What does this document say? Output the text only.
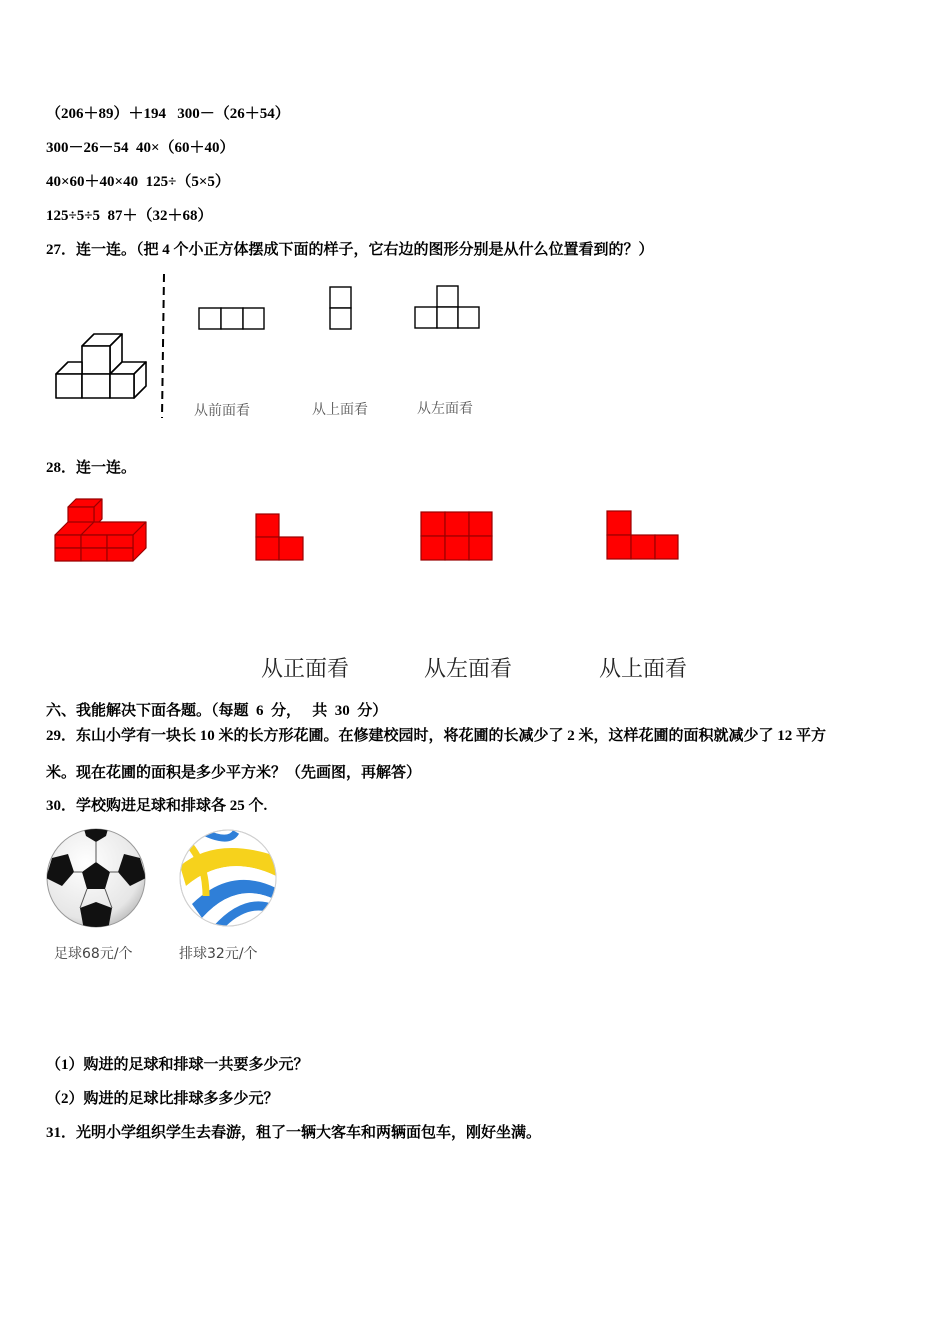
（206＋89）＋194   300－（26＋54）
300－26－54  40×（60＋40）
40×60＋40×40  125÷（5×5）
125÷5÷5  87＋（32＋68）
27．连一连。（把 4 个小正方体摆成下面的样子，它右边的图形分别是从什么位置看到的？）
从前面看	从上面看	从左面看
28．连一连。
从正面看	从左面看	从上面看
六、我能解决下面各题。（每题  6  分，   共  30  分）
29．东山小学有一块长 10 米的长方形花圃。在修建校园时，将花圃的长减少了 2 米，这样花圃的面积就减少了 12 平方
米。现在花圃的面积是多少平方米？（先画图，再解答）
30．学校购进足球和排球各 25 个.
足球68元/个	排球32元/个
（1）购进的足球和排球一共要多少元？
（2）购进的足球比排球多多少元？
31．光明小学组织学生去春游，租了一辆大客车和两辆面包车，刚好坐满。
